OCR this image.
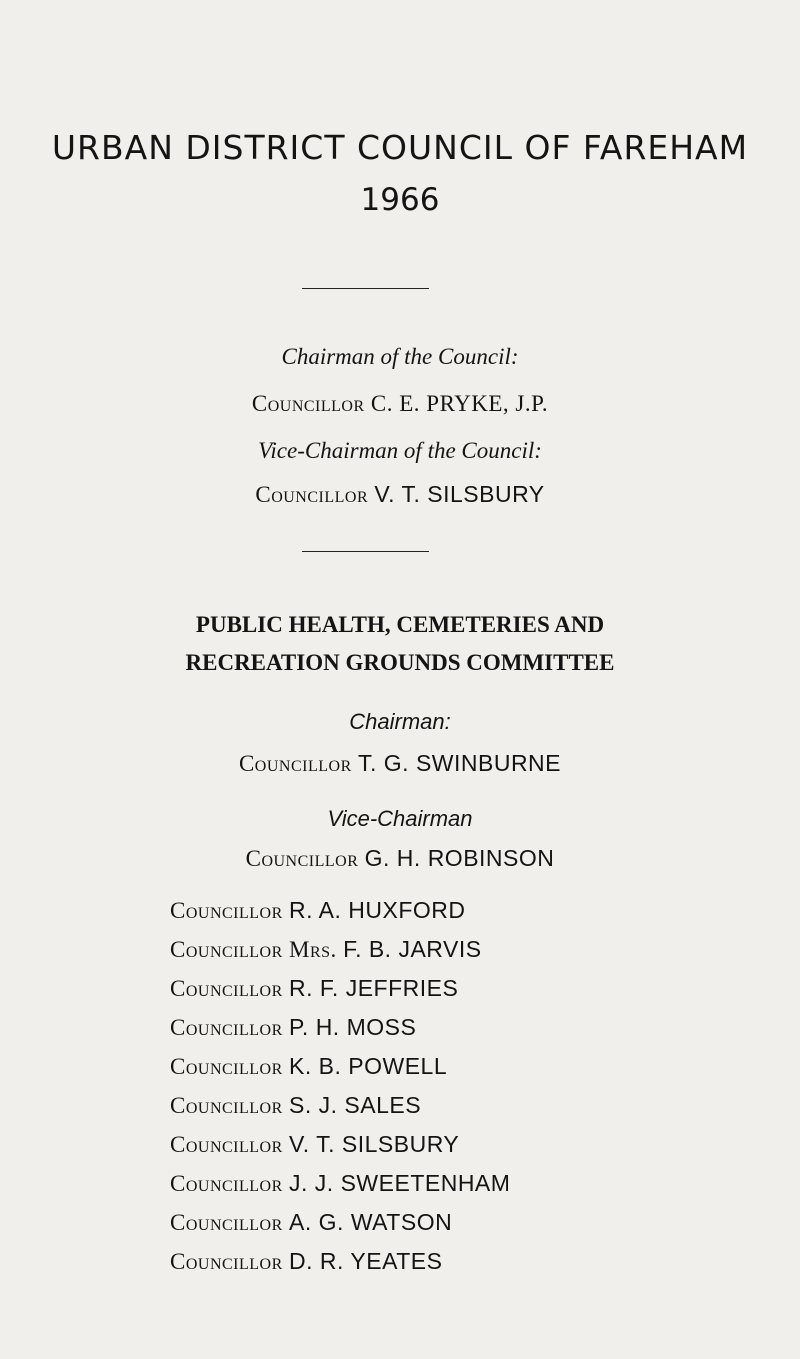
URBAN DISTRICT COUNCIL OF FAREHAM
1966
Chairman of the Council:
Councillor C. E. PRYKE, J.P.
Vice-Chairman of the Council:
Councillor V. T. SILSBURY
PUBLIC HEALTH, CEMETERIES AND
RECREATION GROUNDS COMMITTEE
Chairman:
Councillor T. G. SWINBURNE
Vice-Chairman
Councillor G. H. ROBINSON
Councillor R. A. HUXFORD
Councillor Mrs. F. B. JARVIS
Councillor R. F. JEFFRIES
Councillor P. H. MOSS
Councillor K. B. POWELL
Councillor S. J. SALES
Councillor V. T. SILSBURY
Councillor J. J. SWEETENHAM
Councillor A. G. WATSON
Councillor D. R. YEATES
